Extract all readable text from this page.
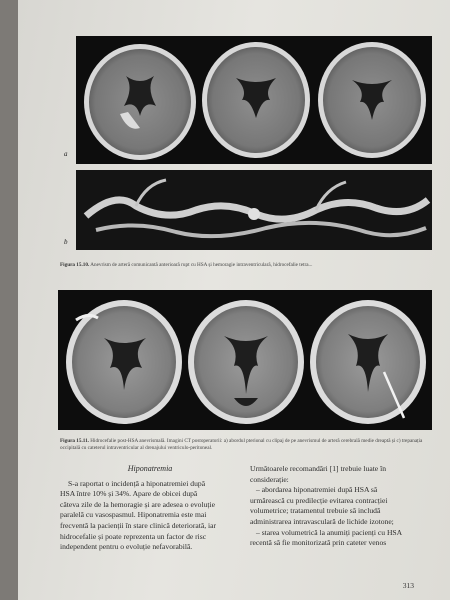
a
b
Figura 15.10. Anevrism de arteră comunicantă anterioară rupt cu HSA și hemoragie intraventriculară, hidrocefalie tetra...
Figura 15.11. Hidrocefalie post-HSA anevrismală. Imagini CT postoperatorii: a) abordul pterional cu clipaj de pe anevrismul de arteră cerebrală medie dreaptă și c) trepanația occipitală cu cateterul intraventricular al drenajului ventriculo-peritoneal.
Hiponatremia
S-a raportat o incidență a hiponatremiei după
HSA între 10% și 34%. Apare de obicei după
câteva zile de la hemoragie și are adesea o evoluție
paralelă cu vasospasmul. Hiponatremia este mai
frecventă la pacienții în stare clinică deteriorată, iar
hidrocefalie și poate reprezenta un factor de risc
independent pentru o evoluție nefavorabilă.
Următoarele recomandări [1] trebuie luate în
considerație:
– abordarea hiponatremiei după HSA să
urmărească cu predilecție evitarea contracției
volumetrice; tratamentul trebuie să includă
administrarea intravasculară de lichide izotone;
– starea volumetrică la anumiți pacienți cu HSA
recentă să fie monitorizată prin cateter venos
313
